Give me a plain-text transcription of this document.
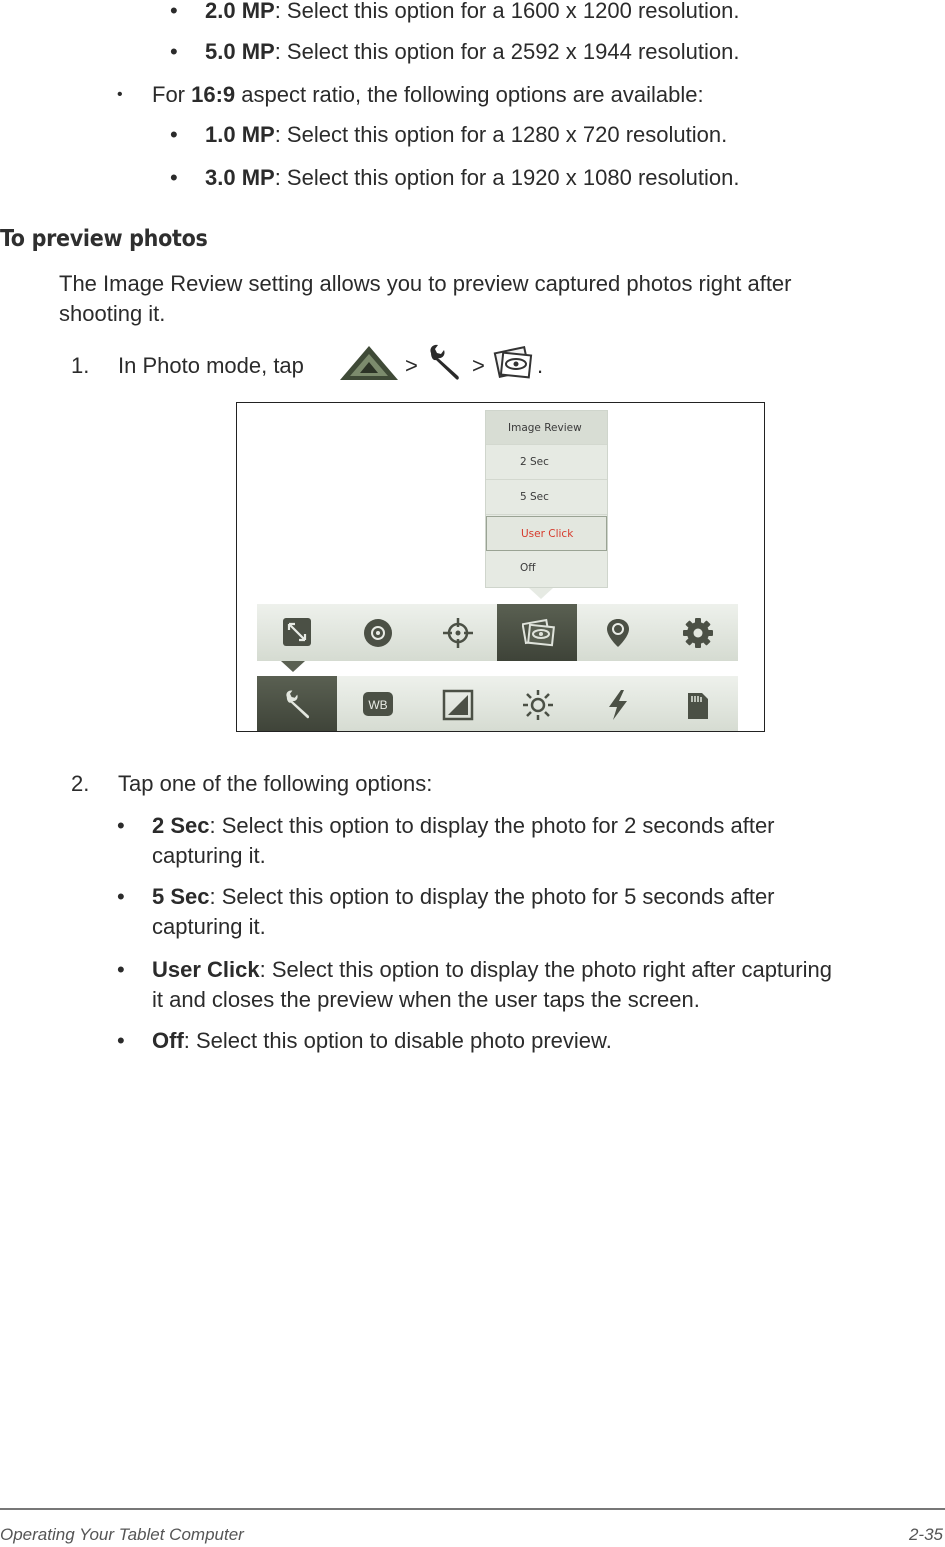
• 2.0 MP: Select this option for a 1600 x 1200 resolution.
• 5.0 MP: Select this option for a 2592 x 1944 resolution.
• For 16:9 aspect ratio, the following options are available:
• 1.0 MP: Select this option for a 1280 x 720 resolution.
• 3.0 MP: Select this option for a 1920 x 1080 resolution.
To preview photos
The Image Review setting allows you to preview captured photos right after
shooting it.
1. In Photo mode, tap	> > .
Image Review
2 Sec
5 Sec
User Click
Off
WB
2. Tap one of the following options:
• 2 Sec: Select this option to display the photo for 2 seconds after
capturing it.
• 5 Sec: Select this option to display the photo for 5 seconds after
capturing it.
• User Click: Select this option to display the photo right after capturing
it and closes the preview when the user taps the screen.
• Off: Select this option to disable photo preview.
Operating Your Tablet Computer	2-35
